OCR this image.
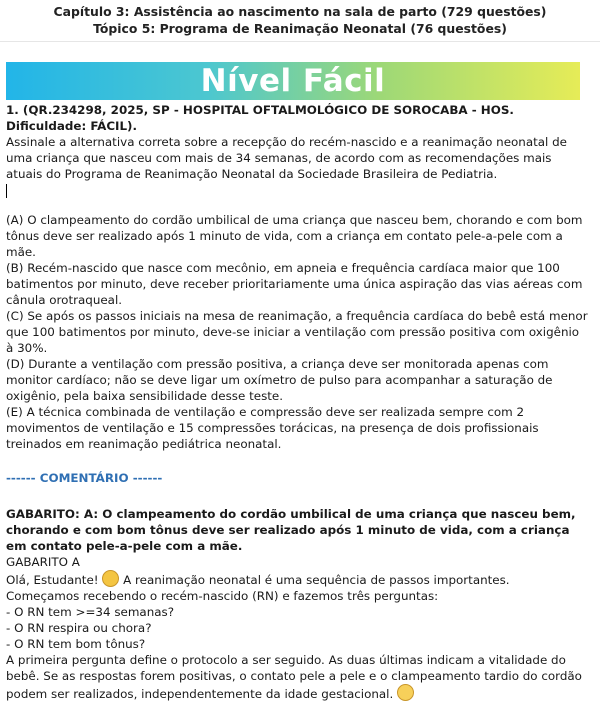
Capítulo 3: Assistência ao nascimento na sala de parto (729 questões)
Tópico 5: Programa de Reanimação Neonatal (76 questões)
Nível Fácil

1. (QR.234298, 2025, SP - HOSPITAL OFTALMOLÓGICO DE SOROCABA - HOS. Dificuldade: FÁCIL).

Assinale a alternativa correta sobre a recepção do recém-nascido e a reanimação neonatal de uma criança que nasceu com mais de 34 semanas, de acordo com as recomendações mais atuais do Programa de Reanimação Neonatal da Sociedade Brasileira de Pediatria.

(A) O clampeamento do cordão umbilical de uma criança que nasceu bem, chorando e com bom tônus deve ser realizado após 1 minuto de vida, com a criança em contato pele-a-pele com a mãe.

(B) Recém-nascido que nasce com mecônio, em apneia e frequência cardíaca maior que 100 batimentos por minuto, deve receber prioritariamente uma única aspiração das vias aéreas com cânula orotraqueal.

(C) Se após os passos iniciais na mesa de reanimação, a frequência cardíaca do bebê está menor que 100 batimentos por minuto, deve-se iniciar a ventilação com pressão positiva com oxigênio à 30%.

(D) Durante a ventilação com pressão positiva, a criança deve ser monitorada apenas com monitor cardíaco; não se deve ligar um oxímetro de pulso para acompanhar a saturação de oxigênio, pela baixa sensibilidade desse teste.

(E) A técnica combinada de ventilação e compressão deve ser realizada sempre com 2 movimentos de ventilação e 15 compressões torácicas, na presença de dois profissionais treinados em reanimação pediátrica neonatal.

------ COMENTÁRIO ------

GABARITO: A: O clampeamento do cordão umbilical de uma criança que nasceu bem, chorando e com bom tônus deve ser realizado após 1 minuto de vida, com a criança em contato pele-a-pele com a mãe.

GABARITO A

Olá, Estudante! A reanimação neonatal é uma sequência de passos importantes.

Começamos recebendo o recém-nascido (RN) e fazemos três perguntas:

- O RN tem >=34 semanas?

- O RN respira ou chora?

- O RN tem bom tônus?

A primeira pergunta define o protocolo a ser seguido. As duas últimas indicam a vitalidade do bebê. Se as respostas forem positivas, o contato pele a pele e o clampeamento tardio do cordão podem ser realizados, independentemente da idade gestacional.
